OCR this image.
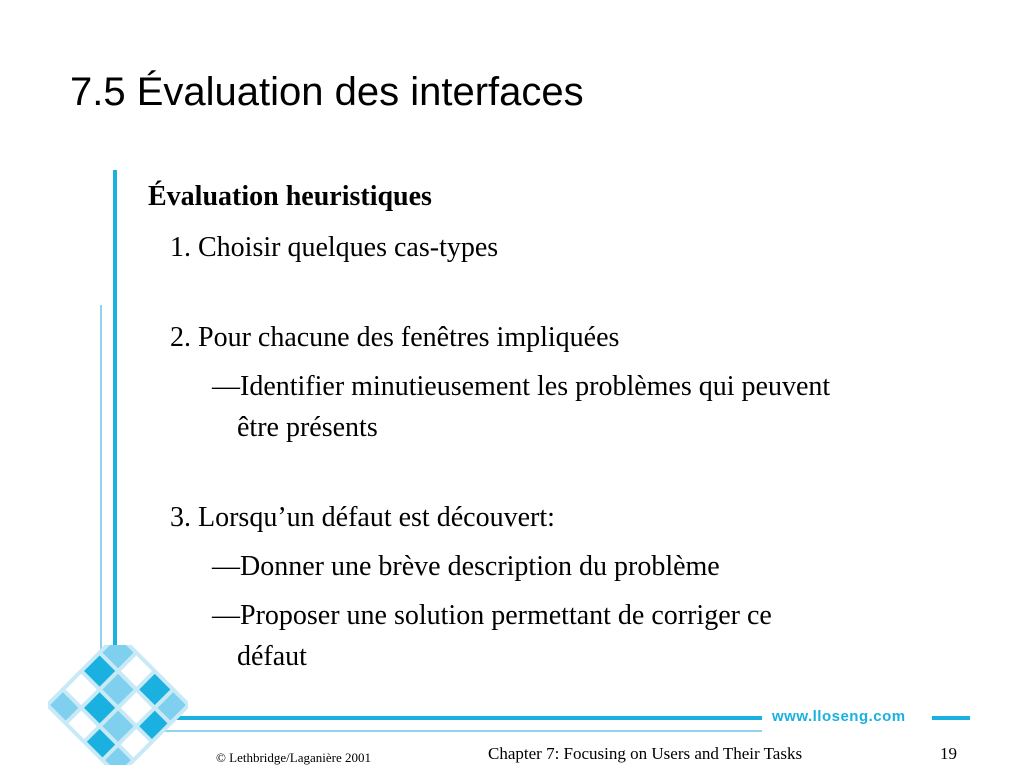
7.5 Évaluation des interfaces
Évaluation heuristiques
1. Choisir quelques cas-types
2. Pour chacune des fenêtres impliquées
—Identifier minutieusement les problèmes qui peuvent
être présents
3. Lorsqu’un défaut est découvert:
—Donner une brève description du problème
—Proposer une solution permettant de corriger ce
défaut
www.lloseng.com
© Lethbridge/Laganière 2001	Chapter 7: Focusing on Users and Their Tasks	19
